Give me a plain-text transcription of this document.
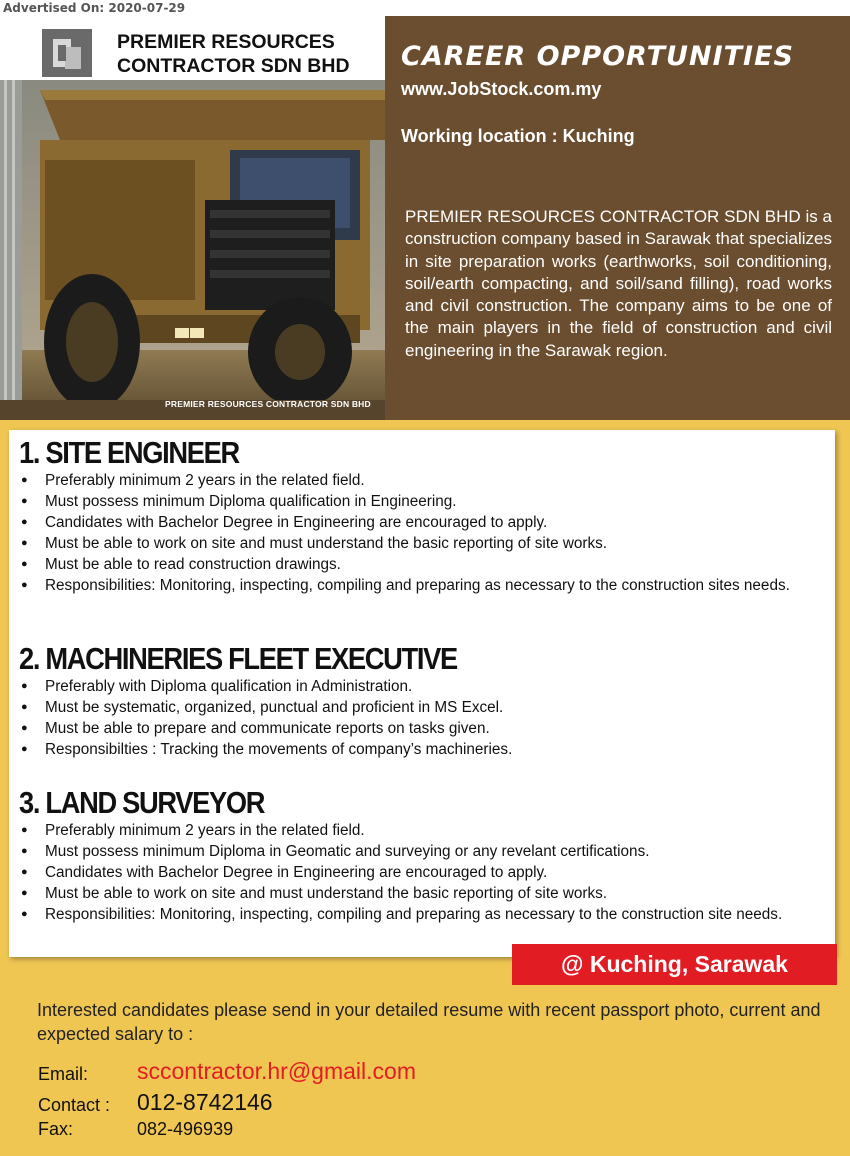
Advertised On: 2020-07-29
PREMIER RESOURCES
CONTRACTOR SDN BHD
PREMIER RESOURCES CONTRACTOR SDN BHD
CAREER OPPORTUNITIES
www.JobStock.com.my
Working location : Kuching
PREMIER RESOURCES CONTRACTOR SDN BHD is a construction company based in Sarawak that specializes in site preparation works (earthworks, soil conditioning, soil/earth compacting, and soil/sand filling), road works and civil construction. The company aims to be one of the main players in the field of construction and civil engineering in the Sarawak region.
1. SITE ENGINEER
● Preferably minimum 2 years in the related field.
● Must possess minimum Diploma qualification in Engineering.
● Candidates with Bachelor Degree in Engineering are encouraged to apply.
● Must be able to work on site and must understand the basic reporting of site works.
● Must be able to read construction drawings.
● Responsibilities: Monitoring, inspecting, compiling and preparing as necessary to the construction sites needs.
2. MACHINERIES FLEET EXECUTIVE
● Preferably with Diploma qualification in Administration.
● Must be systematic, organized, punctual and proficient in MS Excel.
● Must be able to prepare and communicate reports on tasks given.
● Responsibilties : Tracking the movements of company’s machineries.
3. LAND SURVEYOR
● Preferably minimum 2 years in the related field.
● Must possess minimum Diploma in Geomatic and surveying or any revelant certifications.
● Candidates with Bachelor Degree in Engineering are encouraged to apply.
● Must be able to work on site and must understand the basic reporting of site works.
● Responsibilities: Monitoring, inspecting, compiling and preparing as necessary to the construction site needs.
@ Kuching, Sarawak
Interested candidates please send in your detailed resume with recent passport photo, current and expected salary to :
Email: sccontractor.hr@gmail.com
Contact : 012-8742146
Fax:	082-496939
